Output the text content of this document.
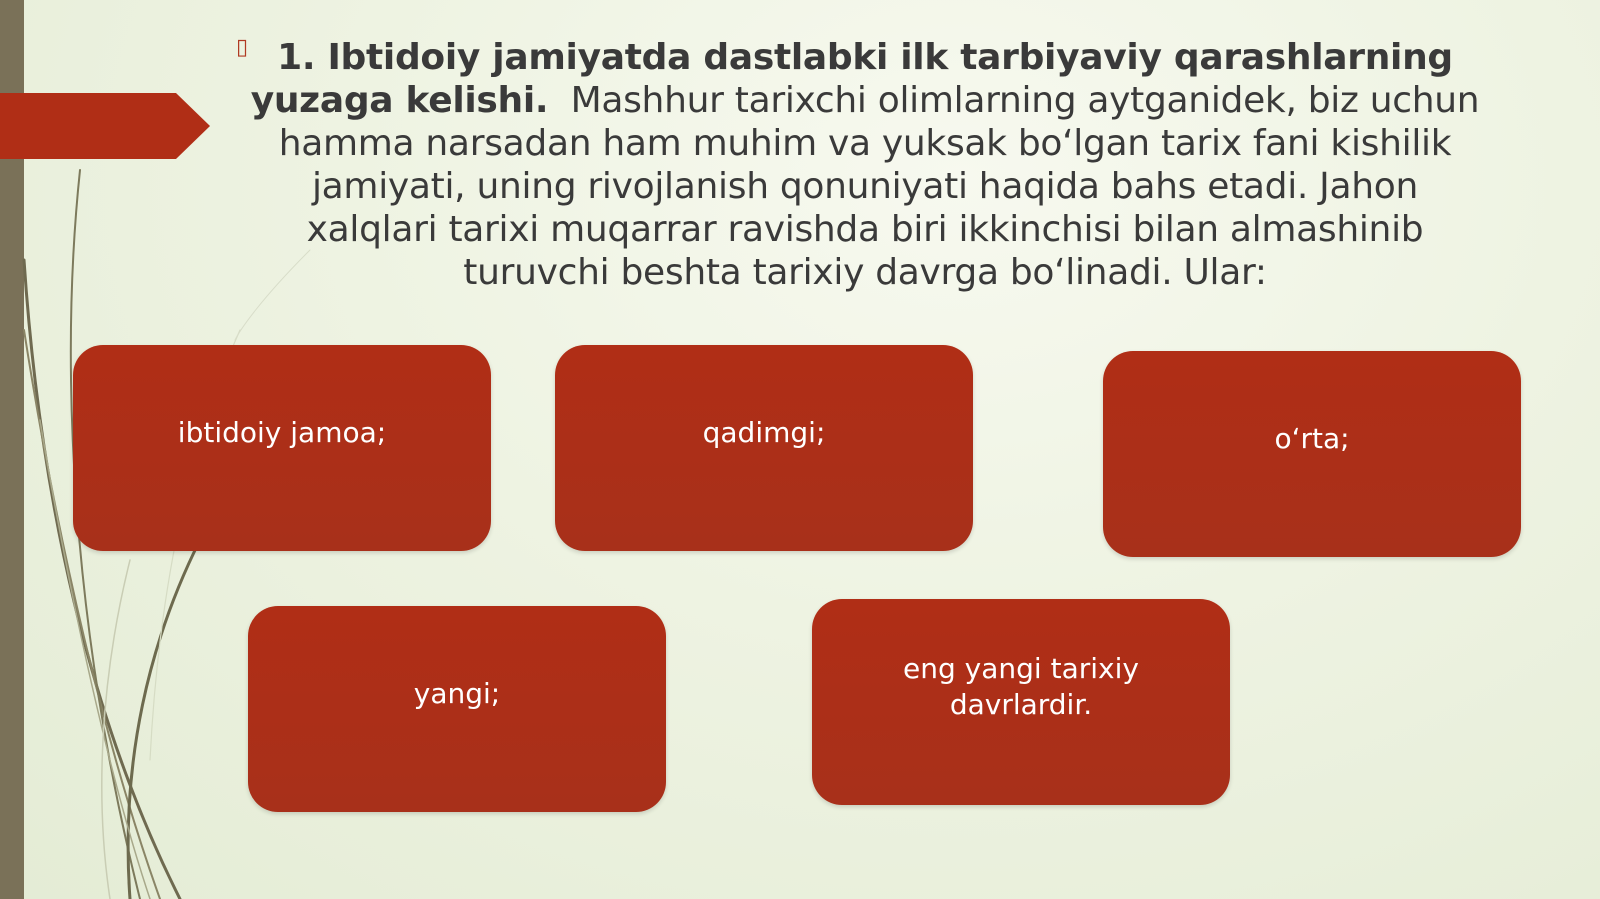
▯ 1. Ibtidoiy jamiyatda dastlabki ilk tarbiyaviy qarashlarning yuzaga kelishi. Mashhur tarixchi olimlarning aytganidek, biz uchun hamma narsadan ham muhim va yuksak boʻlgan tarix fani kishilik jamiyati, uning rivojlanish qonuniyati haqida bahs etadi. Jahon xalqlari tarixi muqarrar ravishda biri ikkinchisi bilan almashinib turuvchi beshta tarixiy davrga boʻlinadi. Ular:

ibtidoiy jamoa;	qadimgi;	oʻrta;
yangi;
eng yangi tarixiy davrlardir.
